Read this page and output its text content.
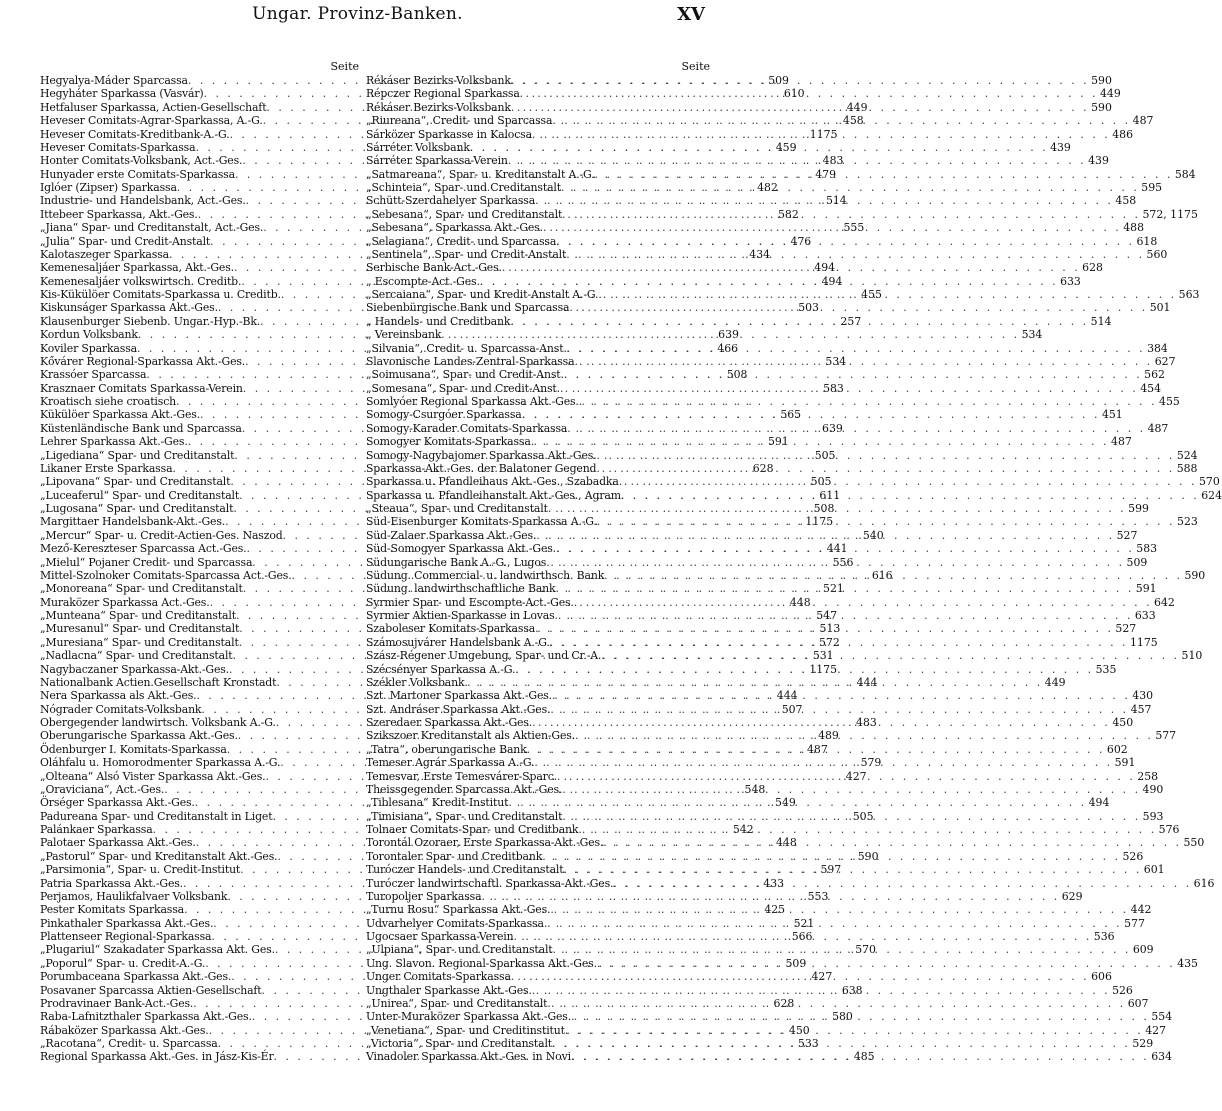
Ungar. Provinz-Banken.	XV
Seite
Hegyalya-Máder Sparcassa . . .	509
Hegyháter Sparkassa (Vasvár) . . .	610
Hetfaluser Sparkassa, Actien-Gesellschaft . . .	449
Heveser Comitats-Agrar-Sparkassa, A.-G. . . .	458
Heveser Comitats-Kreditbank-A.-G. . . .	1175
Heveser Comitats-Sparkassa . . .	459
Honter Comitats-Volksbank, Act.-Ges. . . .	483
Hunyader erste Comitats-Sparkassa . . .	479
Iglóer (Zipser) Sparkassa . . .	482
Industrie- und Handelsbank, Act.-Ges. . . .	514
Ittebeer Sparkassa, Akt.-Ges. . . .	582
„Jiana“ Spar- und Creditanstalt, Act.-Ges. . . .	555
„Julia“ Spar- und Credit-Anstalt . . .	476
Kalotaszeger Sparkassa . . .	434
Kemenesaljáer Sparkassa, Akt.-Ges. . . .	494
Kemenesaljáer volkswirtsch. Creditb. . . .	494
Kis-Kükülöer Comitats-Sparkassa u. Creditb. . . .	455
Kiskunságer Sparkassa Akt.-Ges. . . .	503
Klausenburger Siebenb. Ungar.-Hyp.-Bk. . . .	257
Kordun Volksbank . . .	639
Koviler Sparkassa . . .	466
Kővárer Regional-Sparkassa Akt.-Ges. . . .	534
Krassóer Sparcassa . . .	508
Krasznaer Comitats Sparkassa-Verein . . .	583
Kroatisch siehe croatisch
. . .
Kükülöer Sparkassa Akt.-Ges. . . .	565
Küstenländische Bank und Sparcassa . . .	639
Lehrer Sparkassa Akt.-Ges. . . .	591
„Ligediana“ Spar- und Creditanstalt . . .	505
Likaner Erste Sparkassa . . .	628
„Lipovana“ Spar- und Creditanstalt . . .	505
„Luceaferul“ Spar- und Creditanstalt . . .	611
„Lugosana“ Spar- und Creditanstalt . . .	508
Margittaer Handelsbank-Akt.-Ges. . . .	1175
„Mercur“ Spar- u. Credit-Actien-Ges. Naszod . . .	540
Mező-Kereszteser Sparcassa Act.-Ges. . . .	441
„Mielul“ Pojaner Credit- und Sparcassa . . .	556
Mittel-Szolnoker Comitats-Sparcassa Act.-Ges. . . .	616
„Monoreana“ Spar- und Creditanstalt . . .	521
Muraközer Sparkassa Act.-Ges. . . .	448
„Munteana“ Spar- und Creditanstalt . . .	547
„Muresanul“ Spar- und Creditanstalt . . .	513
„Muresiana“ Spar- und Creditanstalt . . .	572
„Nadlacna“ Spar- und Creditanstalt . . .	531
Nagybaczaner Sparkassa-Akt.-Ges. . . .	1175
Nationalbank Actien.Gesellschaft Kronstadt . . .	444
Nera Sparkassa als Akt.-Ges. . . .	444
Nógrader Comitats-Volksbank . . .	507
Obergegender landwirtsch. Volksbank A.-G. . . .	483
Oberungarische Sparkassa Akt.-Ges. . . .	489
Ödenburger I. Komitats-Sparkassa . . .	487
Oláhfalu u. Homorodmenter Sparkassa A.-G. . . .	579
„Olteana“ Alsó Vister Sparkassa Akt.-Ges. . . .	427
„Oraviciana“, Act.-Ges. . . .	548
Örséger Sparkassa Akt.-Ges. . . .	549
Padureana Spar- und Creditanstalt in Liget . . .	505
Palánkaer Sparkassa . . .	542
Palotaer Sparkassa Akt.-Ges. . . .	448
„Pastorul“ Spar- und Kreditanstalt Akt.-Ges. . . .	590
„Parsimonia“, Spar- u. Credit-Institut . . .	597
Patria Sparkassa Akt.-Ges. . . .	433
Perjamos, Haulikfalvaer Volksbank . . .	553
Pester Komitats Sparkassa . . .	425
Pinkathaler Sparkassa Akt.-Ges. . . .	521
Plattenseer Regional-Sparkassa . . .	566
„Plugariul“ Szakadater Sparkassa Akt. Ges. . . .	570
„Poporul“ Spar- u. Credit-A.-G. . . .	509
Porumbaceana Sparkassa Akt.-Ges. . . .	427
Posavaner Sparcassa Aktien-Gesellschaft . . .	638
Prodravinaer Bank-Act.-Ges. . . .	628
Raba-Lafnitzthaler Sparkassa Akt.-Ges. . . .	580
Rábaközer Sparkassa Akt.-Ges. . . .	450
„Racotana“, Credit- u. Sparcassa . . .	533
Regional Sparkassa Akt.-Ges. in Jász-Kis-Ér . . .	485
Seite
Rékáser Bezirks-Volksbank . . .	590
Répczer Regional Sparkassa . . .	449
Rékáser Bezirks-Volksbank . . .	590
„Riureana“, Credit- und Sparcassa . . .	487
Sárközer Sparkasse in Kalocsa . . .	486
Sárréter Volksbank . . .	439
Sárréter Sparkassa-Verein . . .	439
„Satmareana“, Spar- u. Kreditanstalt A.-G. . . .	584
„Schinteia“, Spar- und Creditanstalt . . .	595
Schütt-Szerdahelyer Sparkassa . . .	458
„Sebesana“, Spar- und Creditanstalt . . .	572, 1175
„Sebesana“, Sparkassa Akt.-Ges. . . .	488
„Selagiana“, Credit- und Sparcassa . . .	618
„Sentinela“, Spar- und Credit-Anstalt . . .	560
Serbische Bank-Act.-Ges. . . .	628
„ Escompte-Act.-Ges. . . .	633
„Sercaiana“, Spar- und Kredit-Anstalt A.-G. . . .	563
Siebenbürgische Bank und Sparcassa . . .	501
„ Handels- und Creditbank . . .	514
„ Vereinsbank . . .	534
„Silvania“, Credit- u. Sparcassa-Anst. . . .	384
Slavonische Landes-Zentral-Sparkassa . . .	627
„Soimusana“, Spar- und Credit-Anst. . . .	562
„Somesana“, Spar- und Credit-Anst. . . .	454
Somlyóer Regional Sparkassa Akt.-Ges. . . .	455
Somogy-Csurgóer Sparkassa . . .	451
Somogy-Karader Comitats-Sparkassa . . .	487
Somogyer Komitats-Sparkassa . . .	487
Somogy-Nagybajomer Sparkassa Akt.-Ges. . . .	524
Sparkassa-Akt.-Ges. der Balatoner Gegend . . .	588
Sparkassa u. Pfandleihaus Akt.-Ges., Szabadka . . .	570
Sparkassa u. Pfandleihanstalt Akt.-Ges., Agram . . .	624
„Steaua“, Spar- und Creditanstalt . . .	599
Süd-Eisenburger Komitats-Sparkassa A.-G. . . .	523
Süd-Zalaer Sparkassa Akt.-Ges. . . .	527
Süd-Somogyer Sparkassa Akt.-Ges. . . .	583
Südungarische Bank A.-G., Lugos . . .	509
Südung. Commercial- u. landwirthsch. Bank . . .	590
Südung. landwirthschaftliche Bank . . .	591
Syrmier Spar- und Escompte-Act.-Ges. . . .	642
Syrmier Aktien-Sparkasse in Lovas . . .	633
Szaboleser Komitats-Sparkassa . . .	527
Számosujvárer Handelsbank A.-G. . . .	1175
Szász-Régener Umgebung, Spar- und Cr.-A. . . .	510
Szécsényer Sparkassa A.-G. . . .	535
Székler Volksbank . . .	449
Szt. Martoner Sparkassa Akt.-Ges. . . .	430
Szt. Andráser Sparkassa Akt.-Ges. . . .	457
Szeredaer Sparkassa Akt.-Ges. . . .	450
Szikszoer Kreditanstalt als Aktien-Ges. . . .	577
„Tatra“, oberungarische Bank . . .	602
Temeser Agrár Sparkassa A.-G. . . .	591
Temesvar, Erste Temesvárer-Sparc. . . .	258
Theissgegender Sparcassa Akt.-Ges. . . .	490
„Tiblesana“ Kredit-Institut . . .	494
„Timisiana“, Spar- und Creditanstalt . . .	593
Tolnaer Comitats-Spar- und Creditbank . . .	576
Torontál Ozoraer, Erste Sparkassa-Akt.-Ges. . . .	550
Torontaler Spar- und Creditbank . . .	526
Turóczer Handels- und Creditanstalt . . .	601
Turóczer landwirtschaftl. Sparkassa-Akt.-Ges. . . .	616
Turopoljer Sparkassa . . .	629
„Turnu Rosu“ Sparkassa Akt.-Ges. . . .	442
Udvarhelyer Comitats-Sparkassa . . .	577
Ugocsaer Sparkassa-Verein . . .	536
„Ulpiana“, Spar- und Creditanstalt . . .	609
Ung. Slavon. Regional-Sparkassa Akt.-Ges. . . .	435
Unger Comitats-Sparkassa . . .	606
Ungthaler Sparkasse Akt.-Ges. . . .	526
„Unirea“, Spar- und Creditanstalt . . .	607
Unter-Muraközer Sparkassa Akt.-Ges. . . .	554
„Venetiana“, Spar- und Creditinstitut . . .	427
„Victoria“, Spar- und Creditanstalt . . .	529
Vinadoler Sparkassa Akt.-Ges. in Novi . . .	634
